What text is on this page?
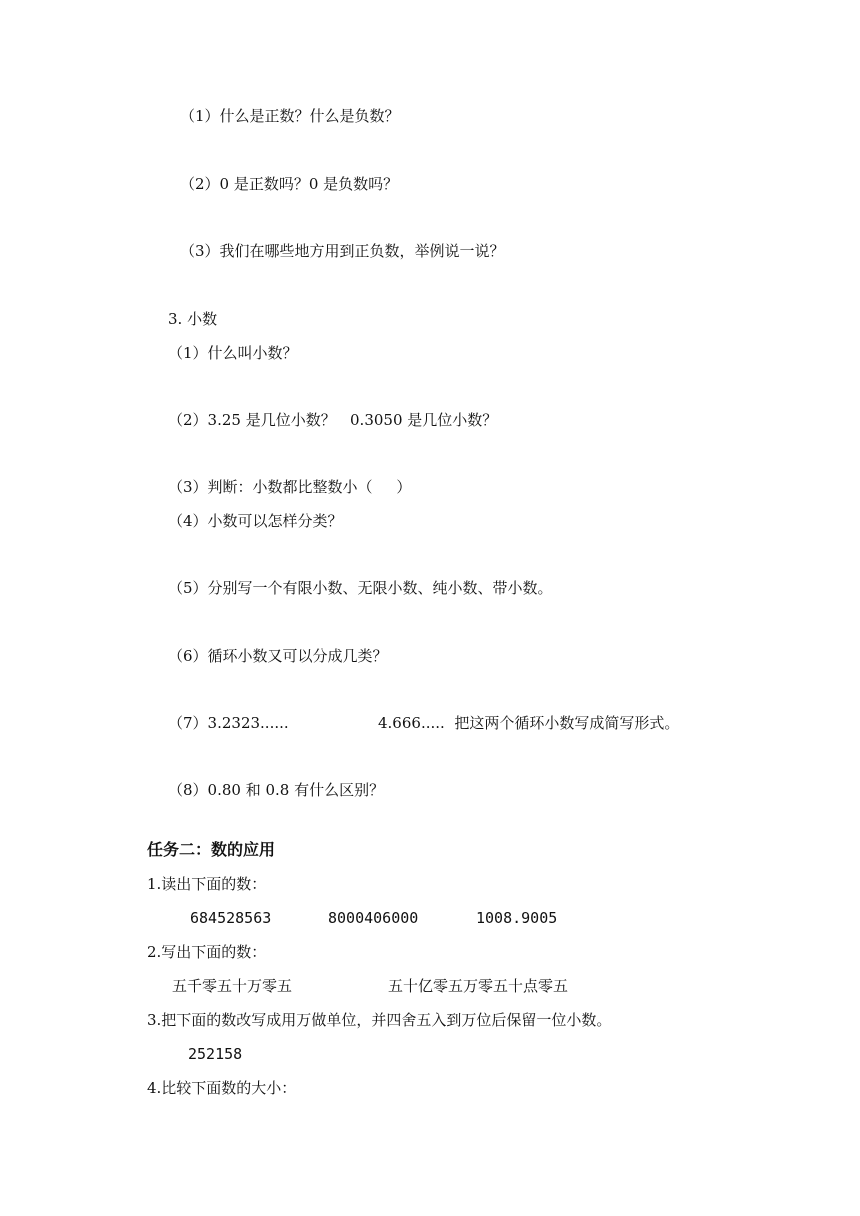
（1）什么是正数？什么是负数？
（2）0 是正数吗？0 是负数吗？
（3）我们在哪些地方用到正负数，举例说一说？
3. 小数
（1）什么叫小数？
（2）3.25 是几位小数？   0.3050 是几位小数？
（3）判断：小数都比整数小（     ）
（4）小数可以怎样分类？
（5）分别写一个有限小数、无限小数、纯小数、带小数。
（6）循环小数又可以分成几类？
（7）3.2323......	4.666.....  把这两个循环小数写成简写形式。
（8）0.80 和 0.8 有什么区别？
任务二：数的应用
1.读出下面的数：
684528563	8000406000	1008.9005
2.写出下面的数：
五千零五十万零五	五十亿零五万零五十点零五
3.把下面的数改写成用万做单位，并四舍五入到万位后保留一位小数。
252158
4.比较下面数的大小：
